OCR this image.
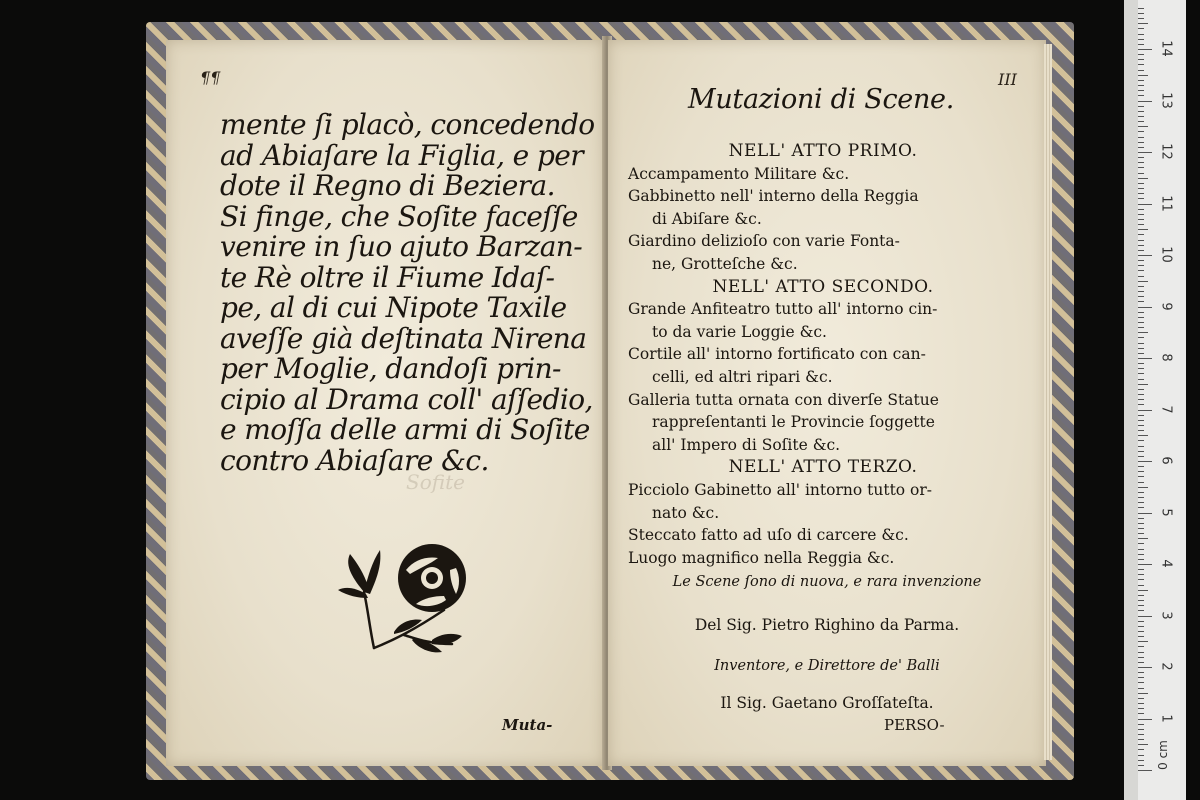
¶¶
Sofite
mente ſi placò, concedendo
ad Abiaſare la Figlia, e per
dote il Regno di Beziera.
Si finge, che Soſite faceſſe
venire in ſuo ajuto Barzan-
te Rè oltre il Fiume Idaſ-
pe, al di cui Nipote Taxile
aveſſe già deſtinata Nirena
per Moglie, dandoſi prin-
cipio al Drama coll' aſſedio,
e moſſa delle armi di Soſite
contro Abiaſare &c.
Muta-
III
Mutazioni di Scene.
NELL' ATTO PRIMO.
Accampamento Militare &c.
Gabbinetto nell' interno della Reggia
di Abiſare &c.
Giardino delizioſo con varie Fonta-
ne, Grotteſche &c.
NELL' ATTO SECONDO.
Grande Anfiteatro tutto all' intorno cin-
to da varie Loggie &c.
Cortile all' intorno fortificato con can-
celli, ed altri ripari &c.
Galleria tutta ornata con diverſe Statue
rappreſentanti le Provincie ſoggette
all' Impero di Soſite &c.
NELL' ATTO TERZO.
Picciolo Gabinetto all' intorno tutto or-
nato &c.
Steccato fatto ad uſo di carcere &c.
Luogo magnifico nella Reggia &c.
Le Scene ſono di nuova, e rara invenzione
Del Sig. Pietro Righino da Parma.
Inventore, e Direttore de' Balli
Il Sig. Gaetano Groſſateſta.
PERSO-	1
2
3
4
5
6
7
8
9
10
11
12
13
14
0 cm
